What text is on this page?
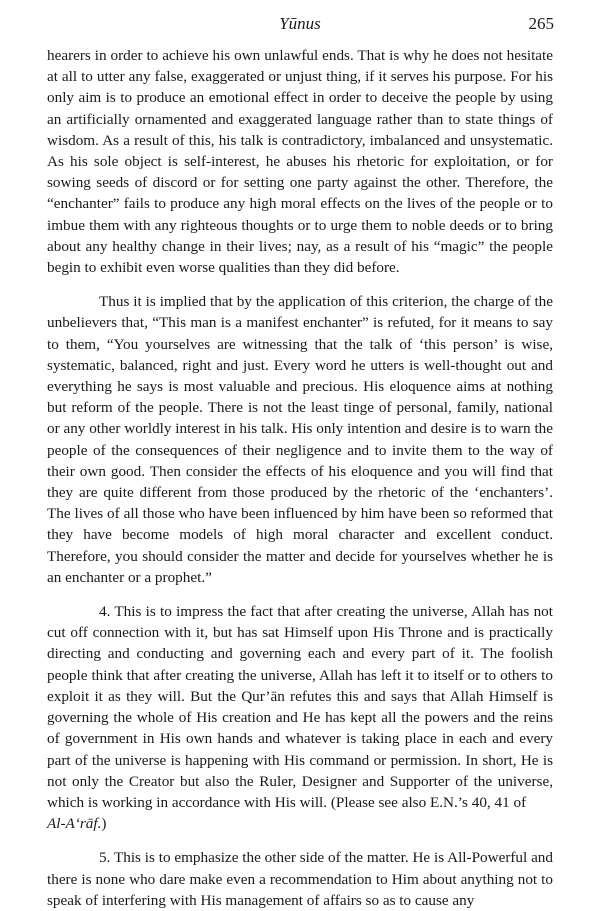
Yūnus	265

hearers in order to achieve his own unlawful ends. That is why he does not hesitate at all to utter any false, exaggerated or unjust thing, if it serves his purpose. For his only aim is to produce an emotional effect in order to deceive the people by using an artificially ornamented and exaggerated language rather than to state things of wisdom. As a result of this, his talk is contradictory, imbalanced and unsystematic. As his sole object is self-interest, he abuses his rhetoric for exploitation, or for sowing seeds of discord or for setting one party against the other. Therefore, the “enchanter” fails to produce any high moral effects on the lives of the people or to imbue them with any righteous thoughts or to urge them to noble deeds or to bring about any healthy change in their lives; nay, as a result of his “magic” the people begin to exhibit even worse qualities than they did before.

Thus it is implied that by the application of this criterion, the charge of the unbelievers that, “This man is a manifest enchanter” is refuted, for it means to say to them, “You yourselves are witnessing that the talk of ‘this person’ is wise, systematic, balanced, right and just. Every word he utters is well-thought out and everything he says is most valuable and precious. His eloquence aims at nothing but reform of the people. There is not the least tinge of personal, family, national or any other worldly interest in his talk. His only intention and desire is to warn the people of the consequences of their negligence and to invite them to the way of their own good. Then consider the effects of his eloquence and you will find that they are quite different from those produced by the rhetoric of the ‘enchanters’. The lives of all those who have been influenced by him have been so reformed that they have become models of high moral character and excellent conduct. Therefore, you should consider the matter and decide for yourselves whether he is an enchanter or a prophet.”

4. This is to impress the fact that after creating the universe, Allah has not cut off connection with it, but has sat Himself upon His Throne and is practically directing and conducting and governing each and every part of it. The foolish people think that after creating the universe, Allah has left it to itself or to others to exploit it as they will. But the Qur’ān refutes this and says that Allah Himself is governing the whole of His creation and He has kept all the powers and the reins of government in His own hands and whatever is taking place in each and every part of the universe is happening with His command or permission. In short, He is not only the Creator but also the Ruler, Designer and Supporter of the universe, which is working in accordance with His will. (Please see also E.N.’s 40, 41 of
Al-A‘rāf.)

5. This is to emphasize the other side of the matter. He is All-Powerful and there is none who dare make even a recommendation to Him about anything not to speak of interfering with His management of affairs so as to cause any
